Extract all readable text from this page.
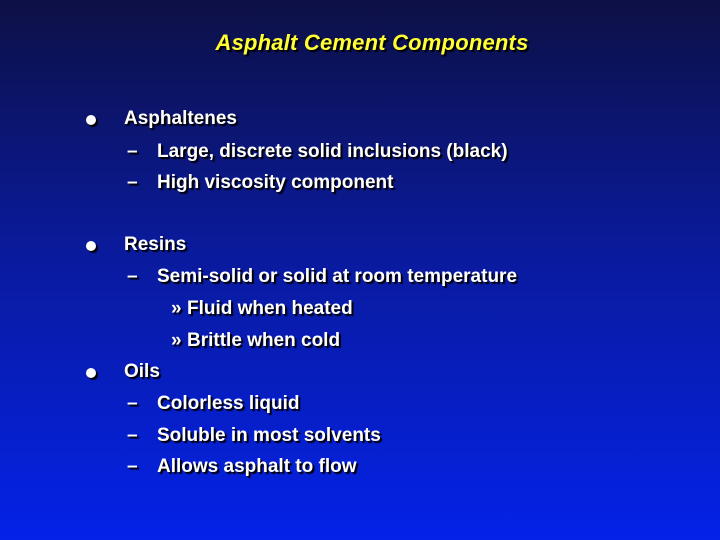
Asphalt Cement Components
Asphaltenes
– Large, discrete solid inclusions (black)
– High viscosity component
Resins
– Semi-solid or solid at room temperature
» Fluid when heated
» Brittle when cold
Oils
– Colorless liquid
– Soluble in most solvents
– Allows asphalt to flow
